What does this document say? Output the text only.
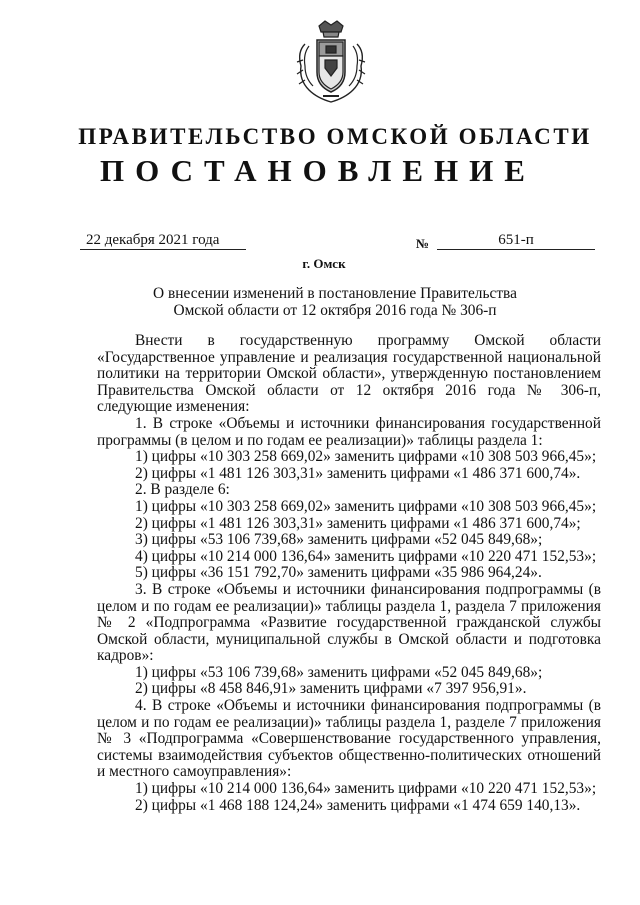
ПРАВИТЕЛЬСТВО ОМСКОЙ ОБЛАСТИ
ПОСТАНОВЛЕНИЕ
22 декабря 2021 года	№	651-п
г. Омск
О внесении изменений в постановление Правительства
Омской области от 12 октября 2016 года № 306-п

Внести в государственную программу Омской области

«Государственное управление и реализация государственной национальной политики на территории Омской области», утвержденную постановлением Правительства Омской области от 12 октября 2016 года № 306-п, следующие изменения:

1. В строке «Объемы и источники финансирования государственной программы (в целом и по годам ее реализации)» таблицы раздела 1:

1) цифры «10 303 258 669,02» заменить цифрами «10 308 503 966,45»;

2) цифры «1 481 126 303,31» заменить цифрами «1 486 371 600,74».

2. В разделе 6:

1) цифры «10 303 258 669,02» заменить цифрами «10 308 503 966,45»;

2) цифры «1 481 126 303,31» заменить цифрами «1 486 371 600,74»;

3) цифры «53 106 739,68» заменить цифрами «52 045 849,68»;

4) цифры «10 214 000 136,64» заменить цифрами «10 220 471 152,53»;

5) цифры «36 151 792,70» заменить цифрами «35 986 964,24».

3. В строке «Объемы и источники финансирования подпрограммы (в целом и по годам ее реализации)» таблицы раздела 1, раздела 7 приложения № 2 «Подпрограмма «Развитие государственной гражданской службы Омской области, муниципальной службы в Омской области и подготовка кадров»:

1) цифры «53 106 739,68» заменить цифрами «52 045 849,68»;

2) цифры «8 458 846,91» заменить цифрами «7 397 956,91».

4. В строке «Объемы и источники финансирования подпрограммы (в целом и по годам ее реализации)» таблицы раздела 1, разделе 7 приложения № 3 «Подпрограмма «Совершенствование государственного управления, системы взаимодействия субъектов общественно-политических отношений и местного самоуправления»:

1) цифры «10 214 000 136,64» заменить цифрами «10 220 471 152,53»;

2) цифры «1 468 188 124,24» заменить цифрами «1 474 659 140,13».
